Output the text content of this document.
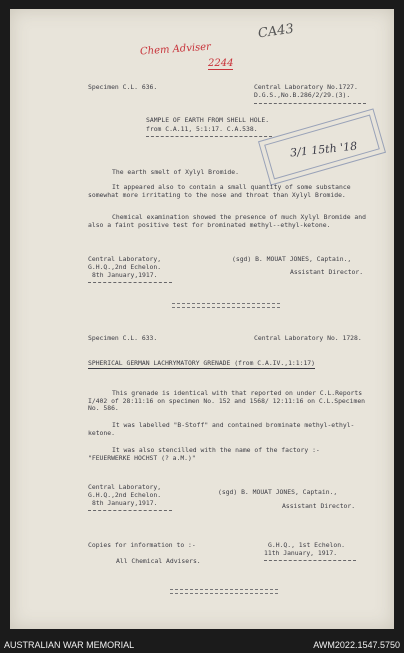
CA43
Chem Adviser
2244
Specimen C.L. 636.	Central Laboratory No.1727.
D.G.S.,No.B.286/2/29.(3).
SAMPLE OF EARTH FROM SHELL HOLE.
from C.A.11, 5:1:17. C.A.538.
3/1 15th '18
The earth smelt of Xylyl Bromide.
It appeared also to contain a small quantity of some substance somewhat more irritating to the nose and throat than Xylyl Bromide.
Chemical examination showed the presence of much Xylyl Bromide and also a faint positive test for brominated methyl--ethyl-ketone.
Central Laboratory,
G.H.Q.,2nd Echelon.
8th January,1917.
(sgd) B. MOUAT JONES, Captain.,
Assistant Director.
Specimen C.L. 633.	Central Laboratory No. 1728.
SPHERICAL GERMAN LACHRYMATORY GRENADE (from C.A.IV.,1:1:17)
This grenade is identical with that reported on under C.L.Reports I/402 of 28:11:16 on specimen No. 152 and 1568/ 12:11:16 on C.L.Specimen No. 586.
It was labelled "B-Stoff" and contained brominate methyl-ethyl-ketone.
It was also stencilled with the name of the factory :-
"FEUERWERKE HOCHST (? a.M.)"
Central Laboratory,
G.H.Q.,2nd Echelon.
8th January,1917.
(sgd) B. MOUAT JONES, Captain.,
Assistant Director.
Copies for information to :-
All Chemical Advisers.
G.H.Q., 1st Echelon.
11th January, 1917.
AUSTRALIAN WAR MEMORIAL	AWM2022.1547.5750
